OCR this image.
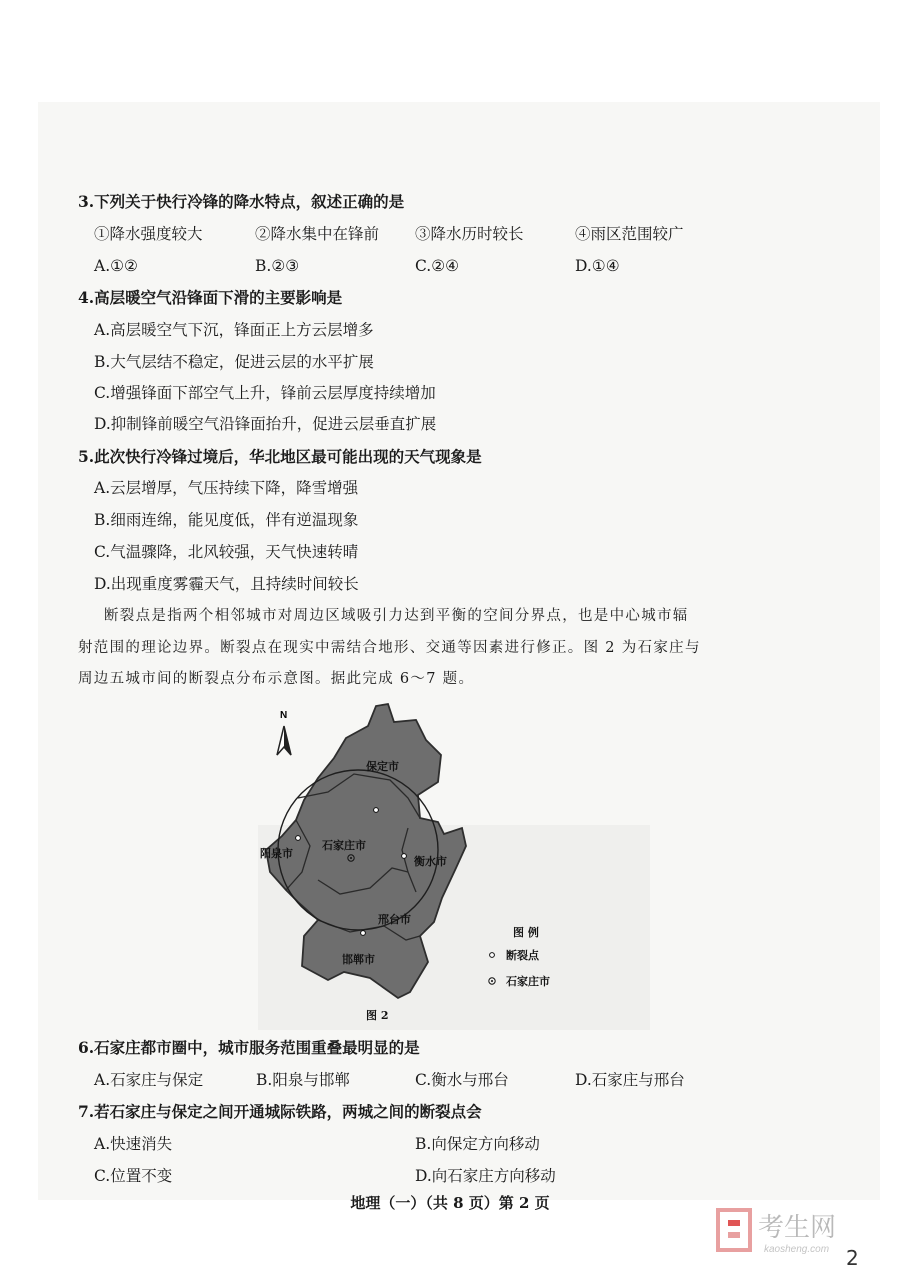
3.下列关于快行冷锋的降水特点，叙述正确的是
①降水强度较大	②降水集中在锋前 ③降水历时较长	④雨区范围较广
A.①②	B.②③	C.②④	D.①④
4.高层暖空气沿锋面下滑的主要影响是
A.高层暖空气下沉，锋面正上方云层增多
B.大气层结不稳定，促进云层的水平扩展
C.增强锋面下部空气上升，锋前云层厚度持续增加
D.抑制锋前暖空气沿锋面抬升，促进云层垂直扩展
5.此次快行冷锋过境后，华北地区最可能出现的天气现象是
A.云层增厚，气压持续下降，降雪增强
B.细雨连绵，能见度低，伴有逆温现象
C.气温骤降，北风较强，天气快速转晴
D.出现重度雾霾天气，且持续时间较长
断裂点是指两个相邻城市对周边区域吸引力达到平衡的空间分界点，也是中心城市辐
射范围的理论边界。断裂点在现实中需结合地形、交通等因素进行修正。图 2 为石家庄与
周边五城市间的断裂点分布示意图。据此完成 6～7 题。
N
保定市
石家庄市
阳泉市
衡水市
邢台市
邯郸市
图 例
断裂点
石家庄市
图 2
6.石家庄都市圈中，城市服务范围重叠最明显的是
A.石家庄与保定	B.阳泉与邯郸	C.衡水与邢台	D.石家庄与邢台
7.若石家庄与保定之间开通城际铁路，两城之间的断裂点会
A.快速消失	B.向保定方向移动
C.位置不变	D.向石家庄方向移动
地理（一）（共 8 页）第 2 页
考生网
kaosheng.com 2
